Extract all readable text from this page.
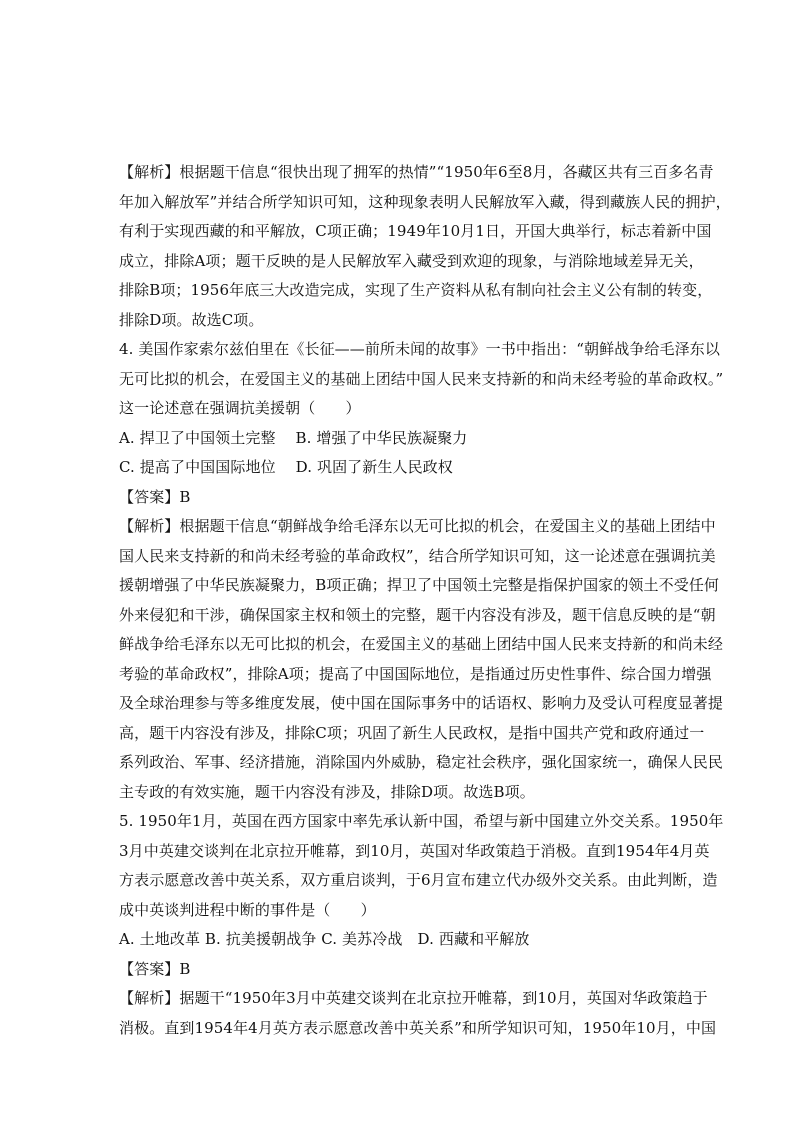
【解析】根据题干信息“很快出现了拥军的热情”“1950年6至8月，各藏区共有三百多名青
年加入解放军”并结合所学知识可知，这种现象表明人民解放军入藏，得到藏族人民的拥护，
有利于实现西藏的和平解放，C项正确；1949年10月1日，开国大典举行，标志着新中国
成立，排除A项；题干反映的是人民解放军入藏受到欢迎的现象，与消除地域差异无关，
排除B项；1956年底三大改造完成，实现了生产资料从私有制向社会主义公有制的转变，
排除D项。故选C项。
4. 美国作家索尔兹伯里在《长征——前所未闻的故事》一书中指出：“朝鲜战争给毛泽东以
无可比拟的机会，在爱国主义的基础上团结中国人民来支持新的和尚未经考验的革命政权。”
这一论述意在强调抗美援朝（　　）
A. 捍卫了中国领土完整　 B. 增强了中华民族凝聚力
C. 提高了中国国际地位　 D. 巩固了新生人民政权
【答案】B
【解析】根据题干信息“朝鲜战争给毛泽东以无可比拟的机会，在爱国主义的基础上团结中
国人民来支持新的和尚未经考验的革命政权”，结合所学知识可知，这一论述意在强调抗美
援朝增强了中华民族凝聚力，B项正确；捍卫了中国领土完整是指保护国家的领土不受任何
外来侵犯和干涉，确保国家主权和领土的完整，题干内容没有涉及，题干信息反映的是“朝
鲜战争给毛泽东以无可比拟的机会，在爱国主义的基础上团结中国人民来支持新的和尚未经
考验的革命政权”，排除A项；提高了中国国际地位，是指通过历史性事件、综合国力增强
及全球治理参与等多维度发展，使中国在国际事务中的话语权、影响力及受认可程度显著提
高，题干内容没有涉及，排除C项；巩固了新生人民政权，是指中国共产党和政府通过一
系列政治、军事、经济措施，消除国内外威胁，稳定社会秩序，强化国家统一，确保人民民
主专政的有效实施，题干内容没有涉及，排除D项。故选B项。
5. 1950年1月，英国在西方国家中率先承认新中国，希望与新中国建立外交关系。1950年
3月中英建交谈判在北京拉开帷幕，到10月，英国对华政策趋于消极。直到1954年4月英
方表示愿意改善中英关系，双方重启谈判，于6月宣布建立代办级外交关系。由此判断，造
成中英谈判进程中断的事件是（　　）
A. 土地改革 B. 抗美援朝战争 C. 美苏冷战　D. 西藏和平解放
【答案】B
【解析】据题干“1950年3月中英建交谈判在北京拉开帷幕，到10月，英国对华政策趋于
消极。直到1954年4月英方表示愿意改善中英关系”和所学知识可知，1950年10月，中国
